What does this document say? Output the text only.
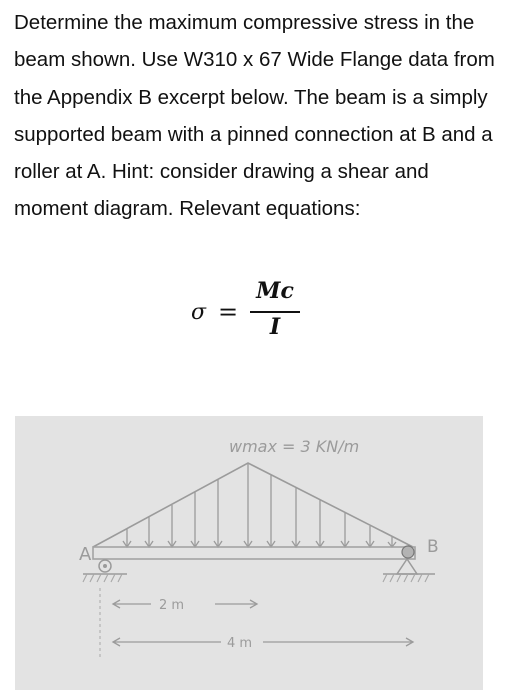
Determine the maximum compressive stress in the beam shown. Use W310 x 67 Wide Flange data from the Appendix B excerpt below. The beam is a simply supported beam with a pinned connection at B and a roller at A. Hint: consider drawing a shear and moment diagram. Relevant equations:

σ =
Mc
I
wmax = 3 KN/m
A	B
2 m
4 m
